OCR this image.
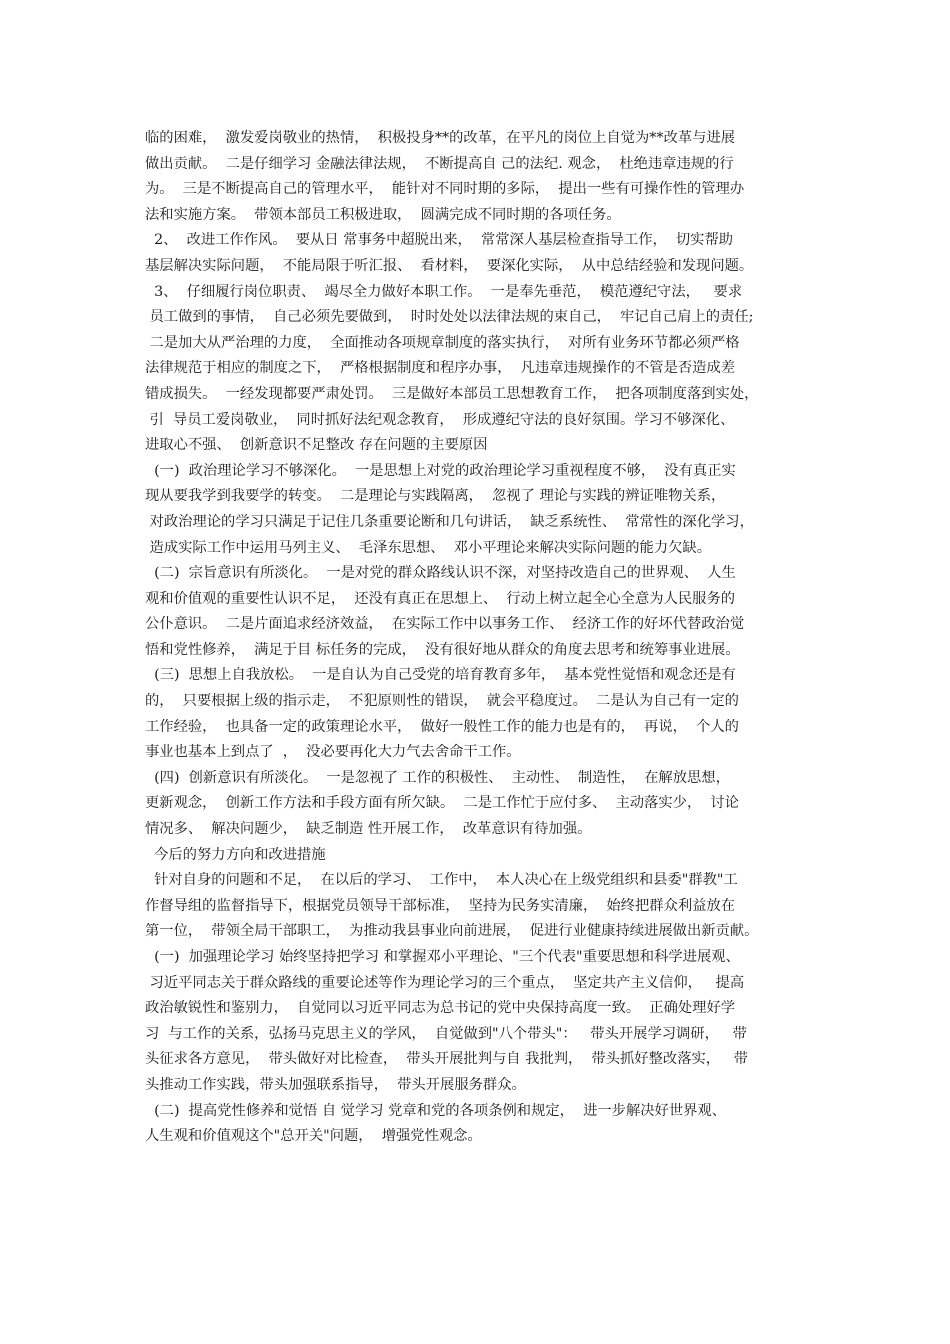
临的困难，  激发爱岗敬业的热情，  积极投身**的改革，在平凡的岗位上自觉为**改革与进展
做出贡献。  二是仔细学习 金融法律法规，  不断提高自 己的法纪. 观念，  杜绝违章违规的行
为。  三是不断提高自己的管理水平，  能针对不同时期的多际，  提出一些有可操作性的管理办
法和实施方案。  带领本部员工积极进取，  圆满完成不同时期的各项任务。
2、  改进工作作风。  要从日 常事务中超脱出来，  常常深人基层检查指导工作，  切实帮助
基层解决实际问题，  不能局限于听汇报、  看材料，  要深化实际，  从中总结经验和发现问题。
3、  仔细履行岗位职责、  竭尽全力做好本职工作。  一是奉先垂范，  模范遵纪守法，   要求
员工做到的事情，  自己必须先要做到，  时时处处以法律法规的束自己，  牢记自己肩上的责任;
二是加大从严治理的力度，  全面推动各项规章制度的落实执行，  对所有业务环节都必须严格
法律规范于相应的制度之下，  严格根据制度和程序办事，  凡违章违规操作的不管是否造成差
错成损失。  一经发现都要严肃处罚。  三是做好本部员工思想教育工作，  把各项制度落到实处，
引  导员工爱岗敬业，  同时抓好法纪观念教育，  形成遵纪守法的良好氛围。学习不够深化、
进取心不强、  创新意识不足整改 存在问题的主要原因
(一)  政治理论学习不够深化。  一是思想上对党的政治理论学习重视程度不够，  没有真正实
现从要我学到我要学的转变。  二是理论与实践隔离，  忽视了 理论与实践的辨证唯物关系，
对政治理论的学习只满足于记住几条重要论断和几句讲话，  缺乏系统性、  常常性的深化学习，
造成实际工作中运用马列主义、  毛泽东思想、  邓小平理论来解决实际问题的能力欠缺。
(二)  宗旨意识有所淡化。  一是对党的群众路线认识不深，对坚持改造自己的世界观、  人生
观和价值观的重要性认识不足，  还没有真正在思想上、  行动上树立起全心全意为人民服务的
公仆意识。  二是片面追求经济效益，  在实际工作中以事务工作、  经济工作的好坏代替政治觉
悟和党性修养，  满足于目 标任务的完成，  没有很好地从群众的角度去思考和统筹事业进展。
(三)  思想上自我放松。  一是自认为自己受党的培育教育多年，  基本党性觉悟和观念还是有
的，  只要根据上级的指示走，  不犯原则性的错误，  就会平稳度过。  二是认为自己有一定的
工作经验，  也具备一定的政策理论水平，  做好一般性工作的能力也是有的，  再说，  个人的
事业也基本上到点了  ，  没必要再化大力气去舍命干工作。
(四)  创新意识有所淡化。  一是忽视了 工作的积极性、  主动性、  制造性，  在解放思想，
更新观念，  创新工作方法和手段方面有所欠缺。  二是工作忙于应付多、  主动落实少，  讨论
情况多、  解决问题少，  缺乏制造 性开展工作，  改革意识有待加强。
今后的努力方向和改进措施
针对自身的问题和不足，  在以后的学习、  工作中，  本人决心在上级党组织和县委"群教"工
作督导组的监督指导下，根据党员领导干部标准，  坚持为民务实清廉，  始终把群众利益放在
第一位，  带领全局干部职工，  为推动我县事业向前进展，  促进行业健康持续进展做出新贡献。
(一)  加强理论学习 始终坚持把学习 和掌握邓小平理论、"三个代表"重要思想和科学进展观、
习近平同志关于群众路线的重要论述等作为理论学习的三个重点，  坚定共产主义信仰，   提高
政治敏锐性和鉴别力，  自觉同以习近平同志为总书记的党中央保持高度一致。  正确处理好学
习  与工作的关系，弘扬马克思主义的学风，  自觉做到"八个带头"：   带头开展学习调研，   带
头征求各方意见，  带头做好对比检查，  带头开展批判与自 我批判，  带头抓好整改落实，   带
头推动工作实践，带头加强联系指导，  带头开展服务群众。
(二)  提高党性修养和觉悟 自 觉学习 党章和党的各项条例和规定，  进一步解决好世界观、
人生观和价值观这个"总开关"问题，  增强党性观念。
